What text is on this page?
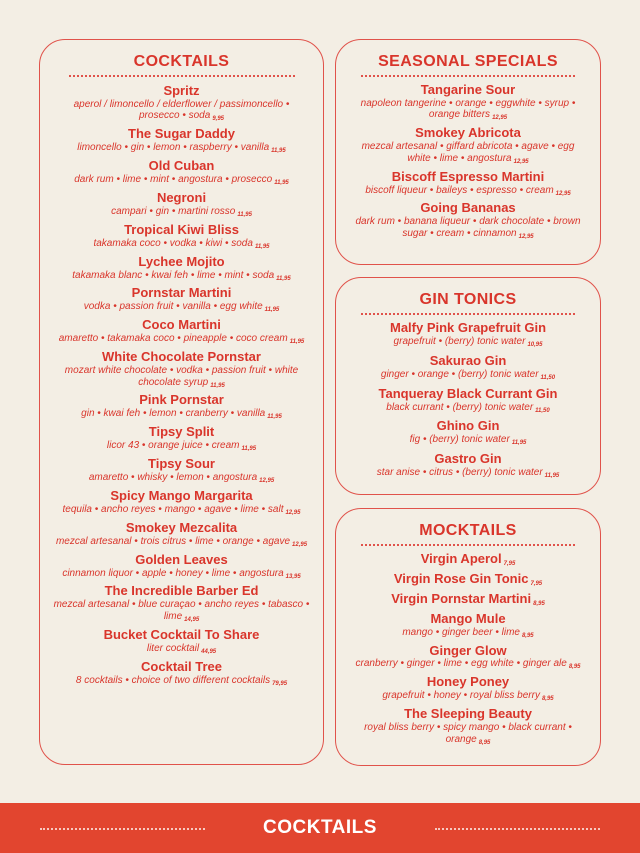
COCKTAILS
Spritz
aperol / limoncello / elderflower / passimoncello • prosecco • soda $_{9,95}$
The Sugar Daddy
limoncello • gin • lemon • raspberry • vanilla $_{11,95}$
Old Cuban
dark rum • lime • mint • angostura • prosecco $_{11,95}$
Negroni
campari • gin • martini rosso $_{11,95}$
Tropical Kiwi Bliss
takamaka coco • vodka • kiwi • soda $_{11,95}$
Lychee Mojito
takamaka blanc • kwai feh • lime • mint • soda $_{11,95}$
Pornstar Martini
vodka • passion fruit • vanilla • egg white $_{11,95}$
Coco Martini
amaretto • takamaka coco • pineapple • coco cream $_{11,95}$
White Chocolate Pornstar
mozart white chocolate • vodka • passion fruit • white chocolate syrup $_{11,95}$
Pink Pornstar
gin • kwai feh • lemon • cranberry • vanilla $_{11,95}$
Tipsy Split
licor 43 • orange juice • cream $_{11,95}$
Tipsy Sour
amaretto • whisky • lemon • angostura $_{12,95}$
Spicy Mango Margarita
tequila • ancho reyes • mango • agave • lime • salt $_{12,95}$
Smokey Mezcalita
mezcal artesanal • trois citrus • lime • orange • agave $_{12,95}$
Golden Leaves
cinnamon liquor • apple • honey • lime • angostura $_{13,95}$
The Incredible Barber Ed
mezcal artesanal • blue curaçao • ancho reyes • tabasco • lime $_{14,95}$
Bucket Cocktail To Share
liter cocktail $_{44,95}$
Cocktail Tree
8 cocktails • choice of two different cocktails $_{79,95}$
SEASONAL SPECIALS
Tangarine Sour
napoleon tangerine • orange • eggwhite • syrup • orange bitters $_{12,95}$
Smokey Abricota
mezcal artesanal • giffard abricota • agave • egg white • lime • angostura $_{12,95}$
Biscoff Espresso Martini
biscoff liqueur • baileys • espresso • cream $_{12,95}$
Going Bananas
dark rum • banana liqueur • dark chocolate • brown sugar • cream • cinnamon $_{12,95}$
GIN TONICS
Malfy Pink Grapefruit Gin
grapefruit • (berry) tonic water $_{10,95}$
Sakurao Gin
ginger • orange • (berry) tonic water $_{11,50}$
Tanqueray Black Currant Gin
black currant • (berry) tonic water $_{11,50}$
Ghino Gin
fig • (berry) tonic water $_{11,95}$
Gastro Gin
star anise • citrus • (berry) tonic water $_{11,95}$
MOCKTAILS
Virgin Aperol 7,95
Virgin Rose Gin Tonic 7,95
Virgin Pornstar Martini 8,95
Mango Mule
mango • ginger beer • lime $_{8,95}$
Ginger Glow
cranberry • ginger • lime • egg white • ginger ale $_{8,95}$
Honey Poney
grapefruit • honey • royal bliss berry $_{8,95}$
The Sleeping Beauty
royal bliss berry • spicy mango • black currant • orange $_{8,95}$
COCKTAILS
